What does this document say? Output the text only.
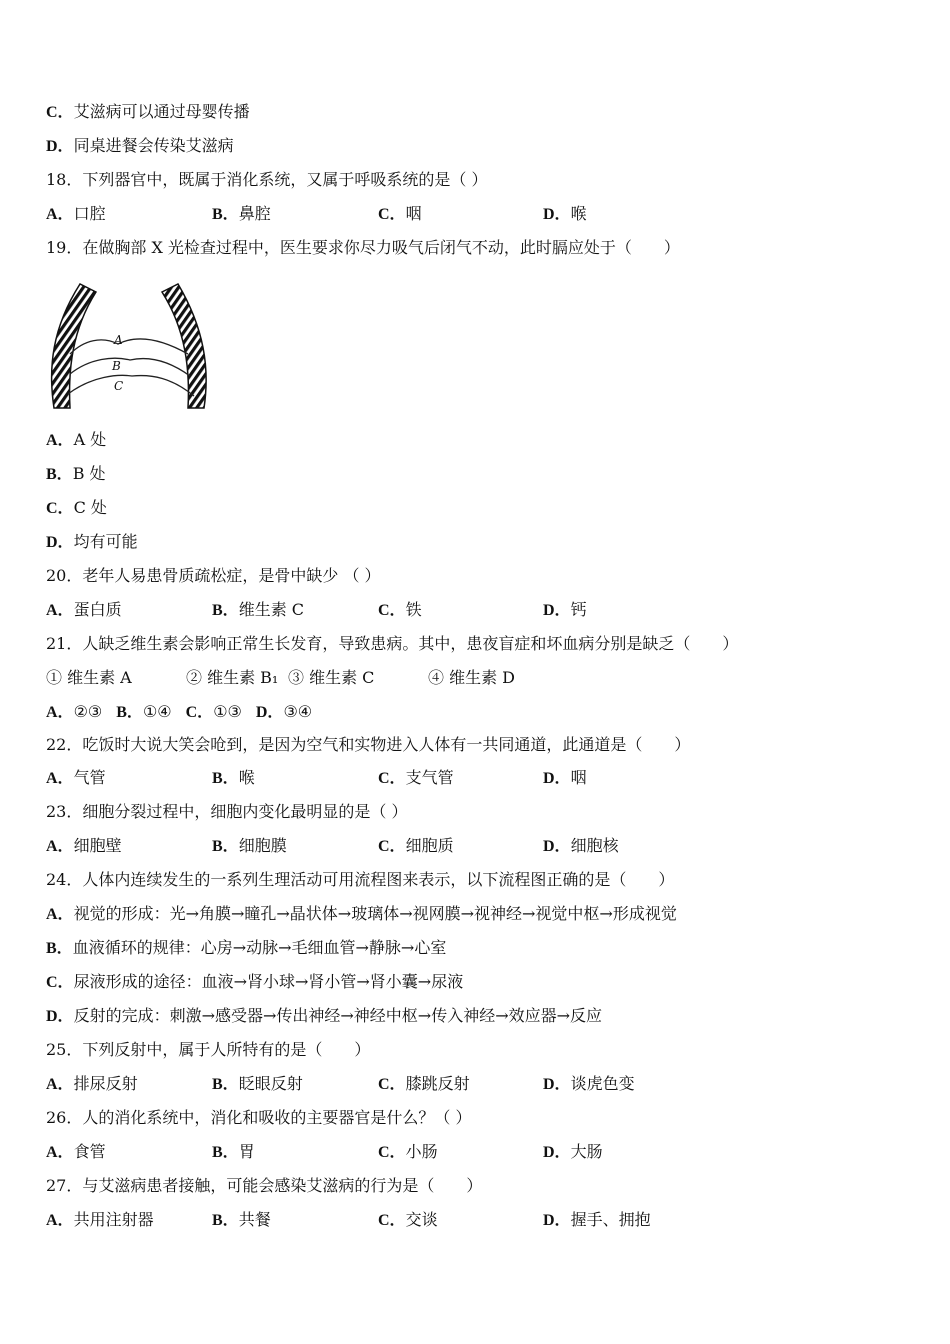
C．艾滋病可以通过母婴传播
D．同桌进餐会传染艾滋病
18．下列器官中，既属于消化系统，又属于呼吸系统的是（ ）
A．口腔	B．鼻腔	C．咽	D．喉
19．在做胸部 X 光检查过程中，医生要求你尽力吸气后闭气不动，此时膈应处于（　　）
A
B
C
A．A 处
B．B 处
C．C 处
D．均有可能
20．老年人易患骨质疏松症，是骨中缺少 （ ）
A．蛋白质	B．维生素 C	C．铁	D．钙
21．人缺乏维生素会影响正常生长发育，导致患病。其中，患夜盲症和坏血病分别是缺乏（　　）
① 维生素 A	② 维生素 B₁ ③ 维生素 C	④ 维生素 D
A．②③ B．①④ C．①③ D．③④
22．吃饭时大说大笑会呛到，是因为空气和实物进入人体有一共同通道，此通道是（　　）
A．气管	B．喉	C．支气管	D．咽
23．细胞分裂过程中，细胞内变化最明显的是（ ）
A．细胞壁	B．细胞膜	C．细胞质	D．细胞核
24．人体内连续发生的一系列生理活动可用流程图来表示，以下流程图正确的是（　　）
A．视觉的形成：光→角膜→瞳孔→晶状体→玻璃体→视网膜→视神经→视觉中枢→形成视觉
B．血液循环的规律：心房→动脉→毛细血管→静脉→心室
C．尿液形成的途径：血液→肾小球→肾小管→肾小囊→尿液
D．反射的完成：刺激→感受器→传出神经→神经中枢→传入神经→效应器→反应
25．下列反射中，属于人所特有的是（　　）
A．排尿反射	B．眨眼反射	C．膝跳反射	D．谈虎色变
26．人的消化系统中，消化和吸收的主要器官是什么？（ ）
A．食管	B．胃	C．小肠	D．大肠
27．与艾滋病患者接触，可能会感染艾滋病的行为是（　　）
A．共用注射器	B．共餐	C．交谈	D．握手、拥抱
